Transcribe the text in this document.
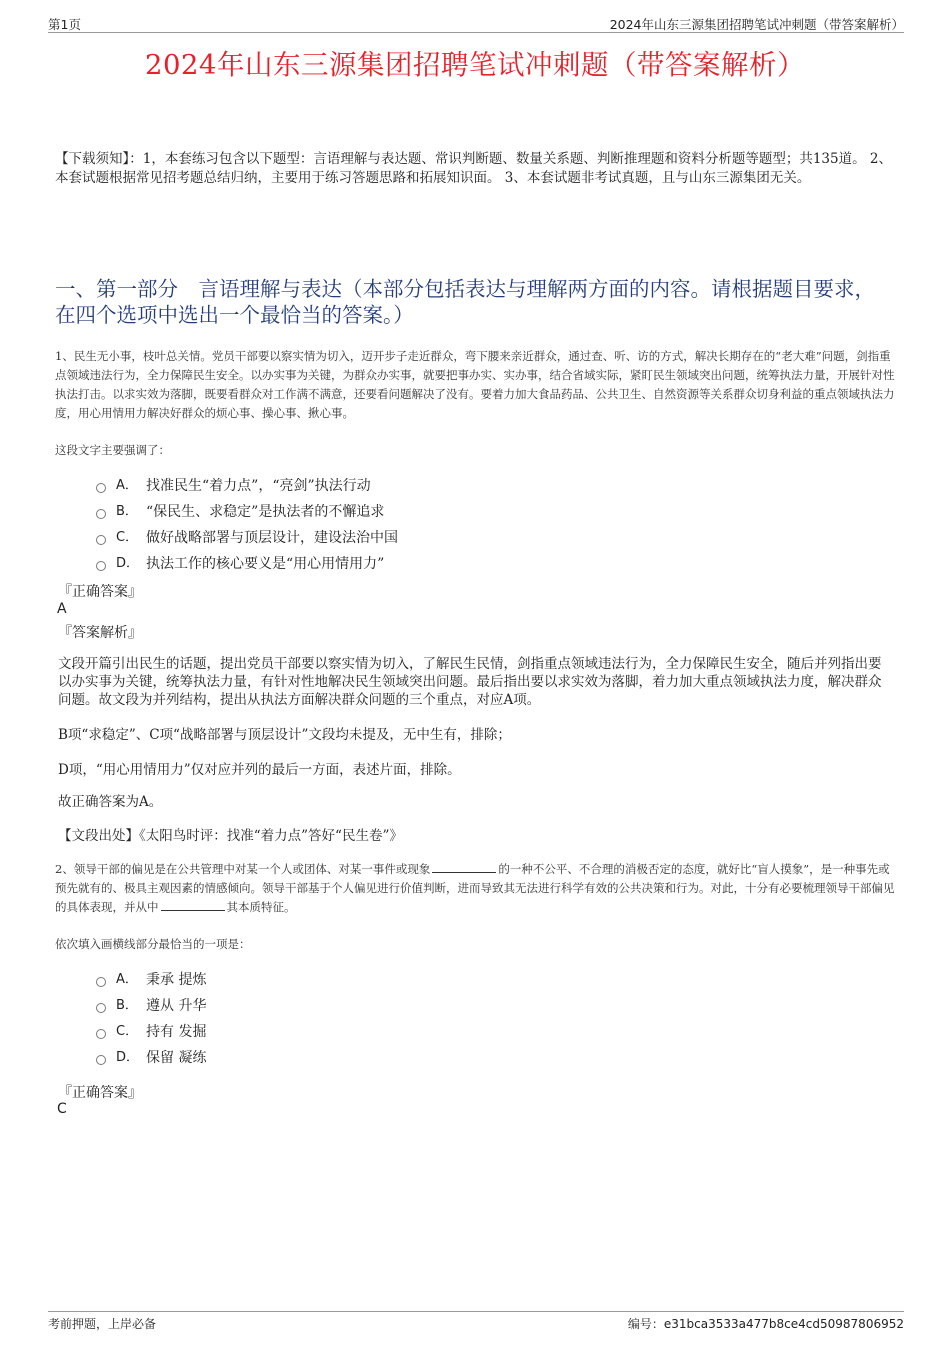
第1页	2024年山东三源集团招聘笔试冲刺题（带答案解析）
2024年山东三源集团招聘笔试冲刺题（带答案解析）
【下载须知】：1，本套练习包含以下题型：言语理解与表达题、常识判断题、数量关系题、判断推理题和资料分析题等题型；共135道。 2、本套试题根据常见招考题总结归纳，主要用于练习答题思路和拓展知识面。 3、本套试题非考试真题，且与山东三源集团无关。
一、第一部分　言语理解与表达（本部分包括表达与理解两方面的内容。请根据题目要求，在四个选项中选出一个最恰当的答案。）
1、民生无小事，枝叶总关情。党员干部要以察实情为切入，迈开步子走近群众，弯下腰来亲近群众，通过查、听、访的方式，解决长期存在的“老大难”问题，剑指重点领域违法行为，全力保障民生安全。以办实事为关键，为群众办实事，就要把事办实、实办事，结合省域实际，紧盯民生领域突出问题，统筹执法力量，开展针对性执法打击。以求实效为落脚，既要看群众对工作满不满意，还要看问题解决了没有。要着力加大食品药品、公共卫生、自然资源等关系群众切身利益的重点领域执法力度，用心用情用力解决好群众的烦心事、操心事、揪心事。
这段文字主要强调了：
A． 找准民生“着力点”，“亮剑”执法行动
B． “保民生、求稳定”是执法者的不懈追求
C． 做好战略部署与顶层设计，建设法治中国
D． 执法工作的核心要义是“用心用情用力”
『正确答案』
A
『答案解析』
文段开篇引出民生的话题，提出党员干部要以察实情为切入，了解民生民情，剑指重点领域违法行为，全力保障民生安全，随后并列指出要以办实事为关键，统筹执法力量，有针对性地解决民生领域突出问题。最后指出要以求实效为落脚，着力加大重点领域执法力度，解决群众问题。故文段为并列结构，提出从执法方面解决群众问题的三个重点，对应A项。
B项“求稳定”、C项“战略部署与顶层设计”文段均未提及，无中生有，排除；
D项，“用心用情用力”仅对应并列的最后一方面，表述片面，排除。
故正确答案为A。
【文段出处】《太阳鸟时评：找准“着力点”答好“民生卷”》
2、领导干部的偏见是在公共管理中对某一个人或团体、对某一事件或现象	的一种不公平、不合理的消极否定的态度，就好比“盲人摸象”，是一种事先或预先就有的、极具主观因素的情感倾向。领导干部基于个人偏见进行价值判断，进而导致其无法进行科学有效的公共决策和行为。对此，十分有必要梳理领导干部偏见的具体表现，并从中	其本质特征。
依次填入画横线部分最恰当的一项是：
A． 秉承 提炼
B． 遵从 升华
C． 持有 发掘
D． 保留 凝练
『正确答案』
C
考前押题，上岸必备	编号：e31bca3533a477b8ce4cd50987806952
